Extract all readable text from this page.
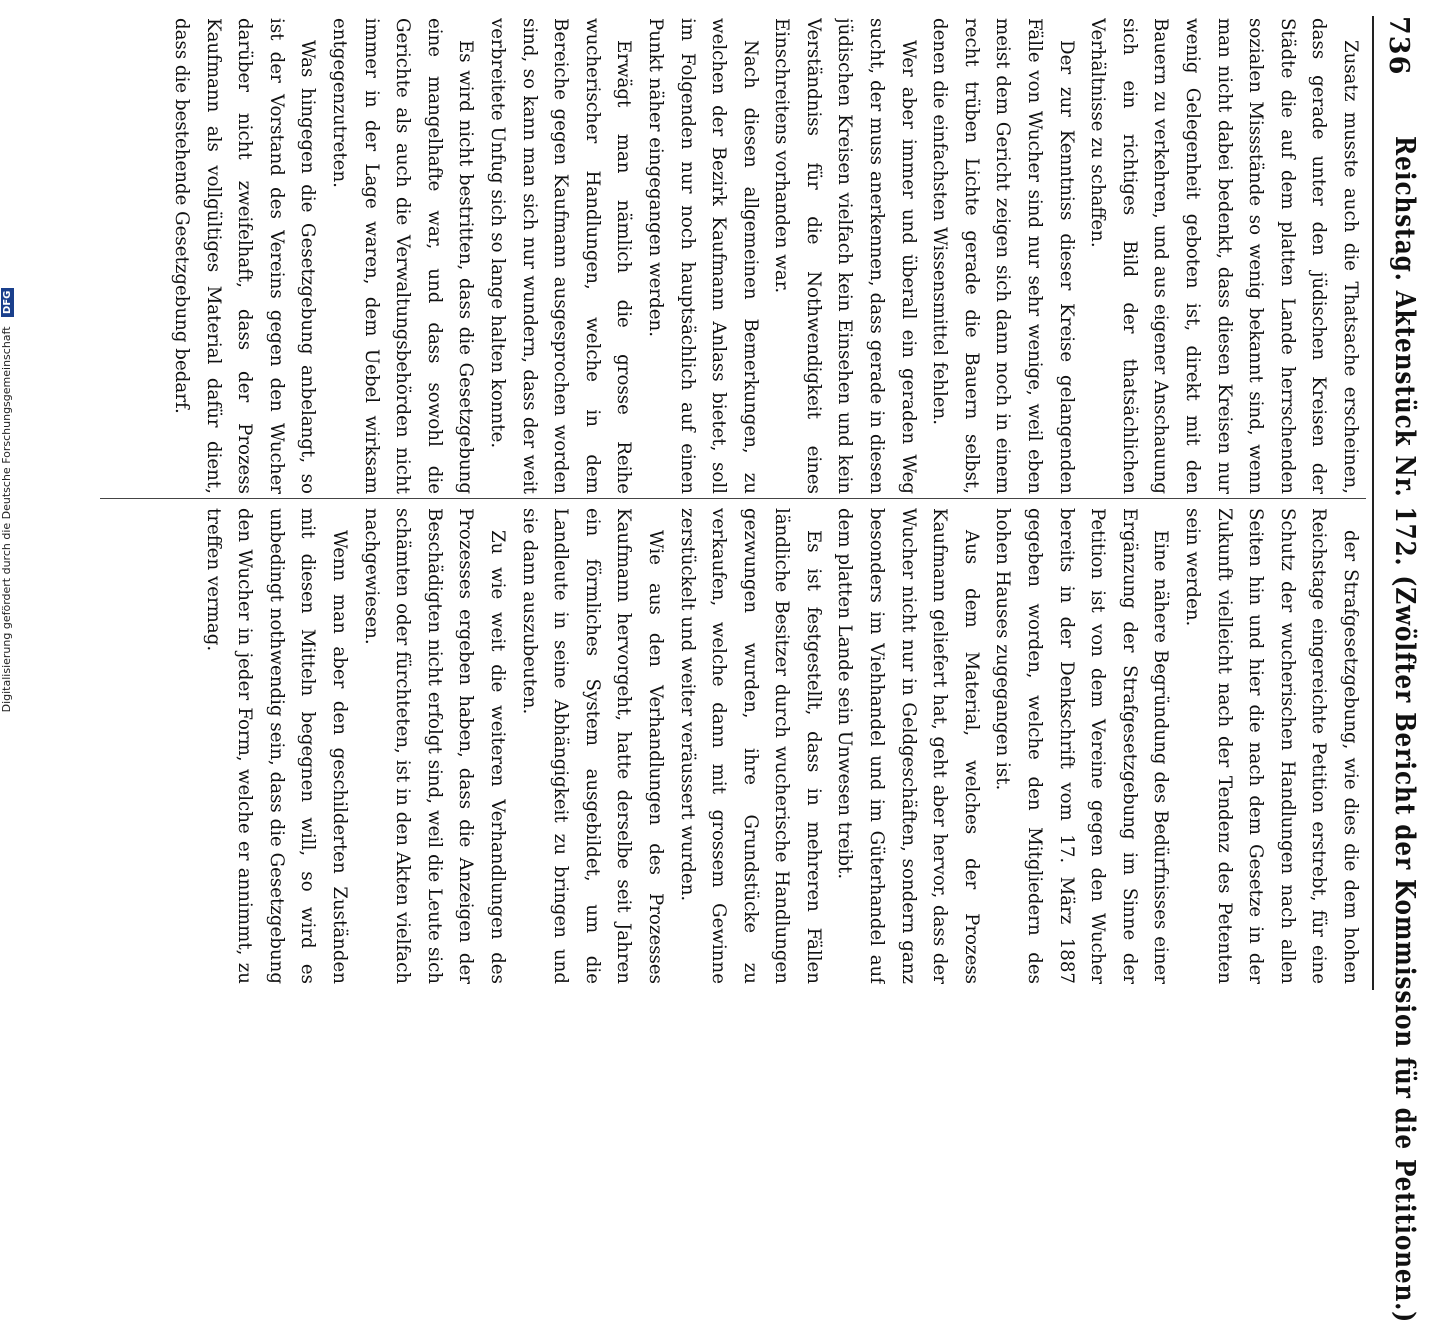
736
Reichstag. Aktenstück Nr. 172. (Zwölfter Bericht der Kommission für die Petitionen.)

Zusatz musste auch die Thatsache erscheinen, dass gerade unter den jüdischen Kreisen der Städte die auf dem platten Lande herrschenden sozialen Missstände so wenig bekannt sind, wenn man nicht dabei bedenkt, dass diesen Kreisen nur wenig Gelegenheit geboten ist, direkt mit den Bauern zu verkehren, und aus eigener Anschauung sich ein richtiges Bild der thatsächlichen Verhältnisse zu schaffen.

Der zur Kenntniss dieser Kreise gelangenden Fälle von Wucher sind nur sehr wenige, weil eben meist dem Gericht zeigen sich dann noch in einem recht trüben Lichte gerade die Bauern selbst, denen die einfachsten Wissensmittel fehlen.

Wer aber immer und überall ein geraden Weg sucht, der muss anerkennen, dass gerade in diesen jüdischen Kreisen vielfach kein Einsehen und kein Verständniss für die Nothwendigkeit eines Einschreitens vorhanden war.

Nach diesen allgemeinen Bemerkungen, zu welchen der Bezirk Kaufmann Anlass bietet, soll im Folgenden nur noch hauptsächlich auf einen Punkt näher eingegangen werden.

Erwägt man nämlich die grosse Reihe wucherischer Handlungen, welche in dem Bereiche gegen Kaufmann ausgesprochen worden sind, so kann man sich nur wundern, dass der weit verbreitete Unfug sich so lange halten konnte.

Es wird nicht bestritten, dass die Gesetzgebung eine mangelhafte war, und dass sowohl die Gerichte als auch die Verwaltungsbehörden nicht immer in der Lage waren, dem Uebel wirksam entgegenzutreten.

Was hingegen die Gesetzgebung anbelangt, so ist der Vorstand des Vereins gegen den Wucher darüber nicht zweifelhaft, dass der Prozess Kaufmann als vollgültiges Material dafür dient, dass die bestehende Gesetzgebung bedarf.

der Strafgesetzgebung, wie dies die dem hohen Reichstage eingereichte Petition erstrebt, für eine Schutz der wucherischen Handlungen nach allen Seiten hin und hier die nach dem Gesetze in der Zukunft vielleicht nach der Tendenz des Petenten sein werden.

Eine nähere Begründung des Bedürfnisses einer Ergänzung der Strafgesetzgebung im Sinne der Petition ist von dem Vereine gegen den Wucher bereits in der Denkschrift vom 17. März 1887 gegeben worden, welche den Mitgliedern des hohen Hauses zugegangen ist.

Aus dem Material, welches der Prozess Kaufmann geliefert hat, geht aber hervor, dass der Wucher nicht nur in Geldgeschäften, sondern ganz besonders im Viehhandel und im Güterhandel auf dem platten Lande sein Unwesen treibt.

Es ist festgestellt, dass in mehreren Fällen ländliche Besitzer durch wucherische Handlungen gezwungen wurden, ihre Grundstücke zu verkaufen, welche dann mit grossem Gewinne zerstückelt und weiter veräussert wurden.

Wie aus den Verhandlungen des Prozesses Kaufmann hervorgeht, hatte derselbe seit Jahren ein förmliches System ausgebildet, um die Landleute in seine Abhängigkeit zu bringen und sie dann auszubeuten.

Zu wie weit die weiteren Verhandlungen des Prozesses ergeben haben, dass die Anzeigen der Beschädigten nicht erfolgt sind, weil die Leute sich schämten oder fürchteten, ist in den Akten vielfach nachgewiesen.

Wenn man aber den geschilderten Zuständen mit diesen Mitteln begegnen will, so wird es unbedingt nothwendig sein, dass die Gesetzgebung den Wucher in jeder Form, welche er annimmt, zu treffen vermag.

Digitalisierung gefördert durch die Deutsche Forschungsgemeinschaft DFG
